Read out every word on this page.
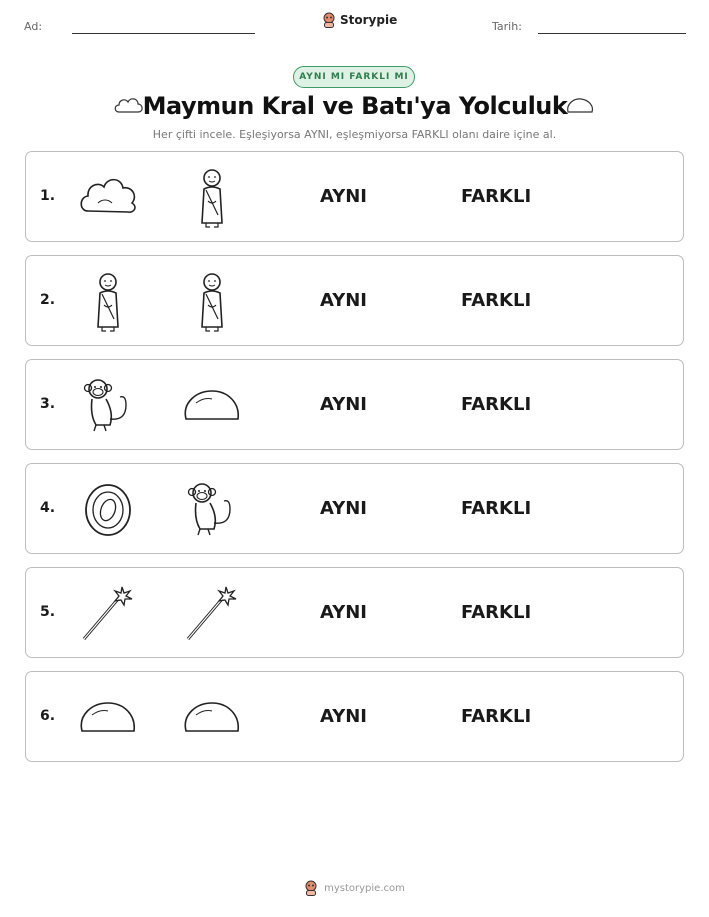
Ad:	Storypie	Tarih:
AYNI MI FARKLI MI
Maymun Kral ve Batı'ya Yolculuk
Her çifti incele. Eşleşiyorsa AYNI, eşleşmiyorsa FARKLI olanı daire içine al.
1.	AYNI	FARKLI
2.	AYNI	FARKLI
3.	AYNI	FARKLI
4.	AYNI	FARKLI
5.	AYNI	FARKLI
6.	AYNI	FARKLI
mystorypie.com
